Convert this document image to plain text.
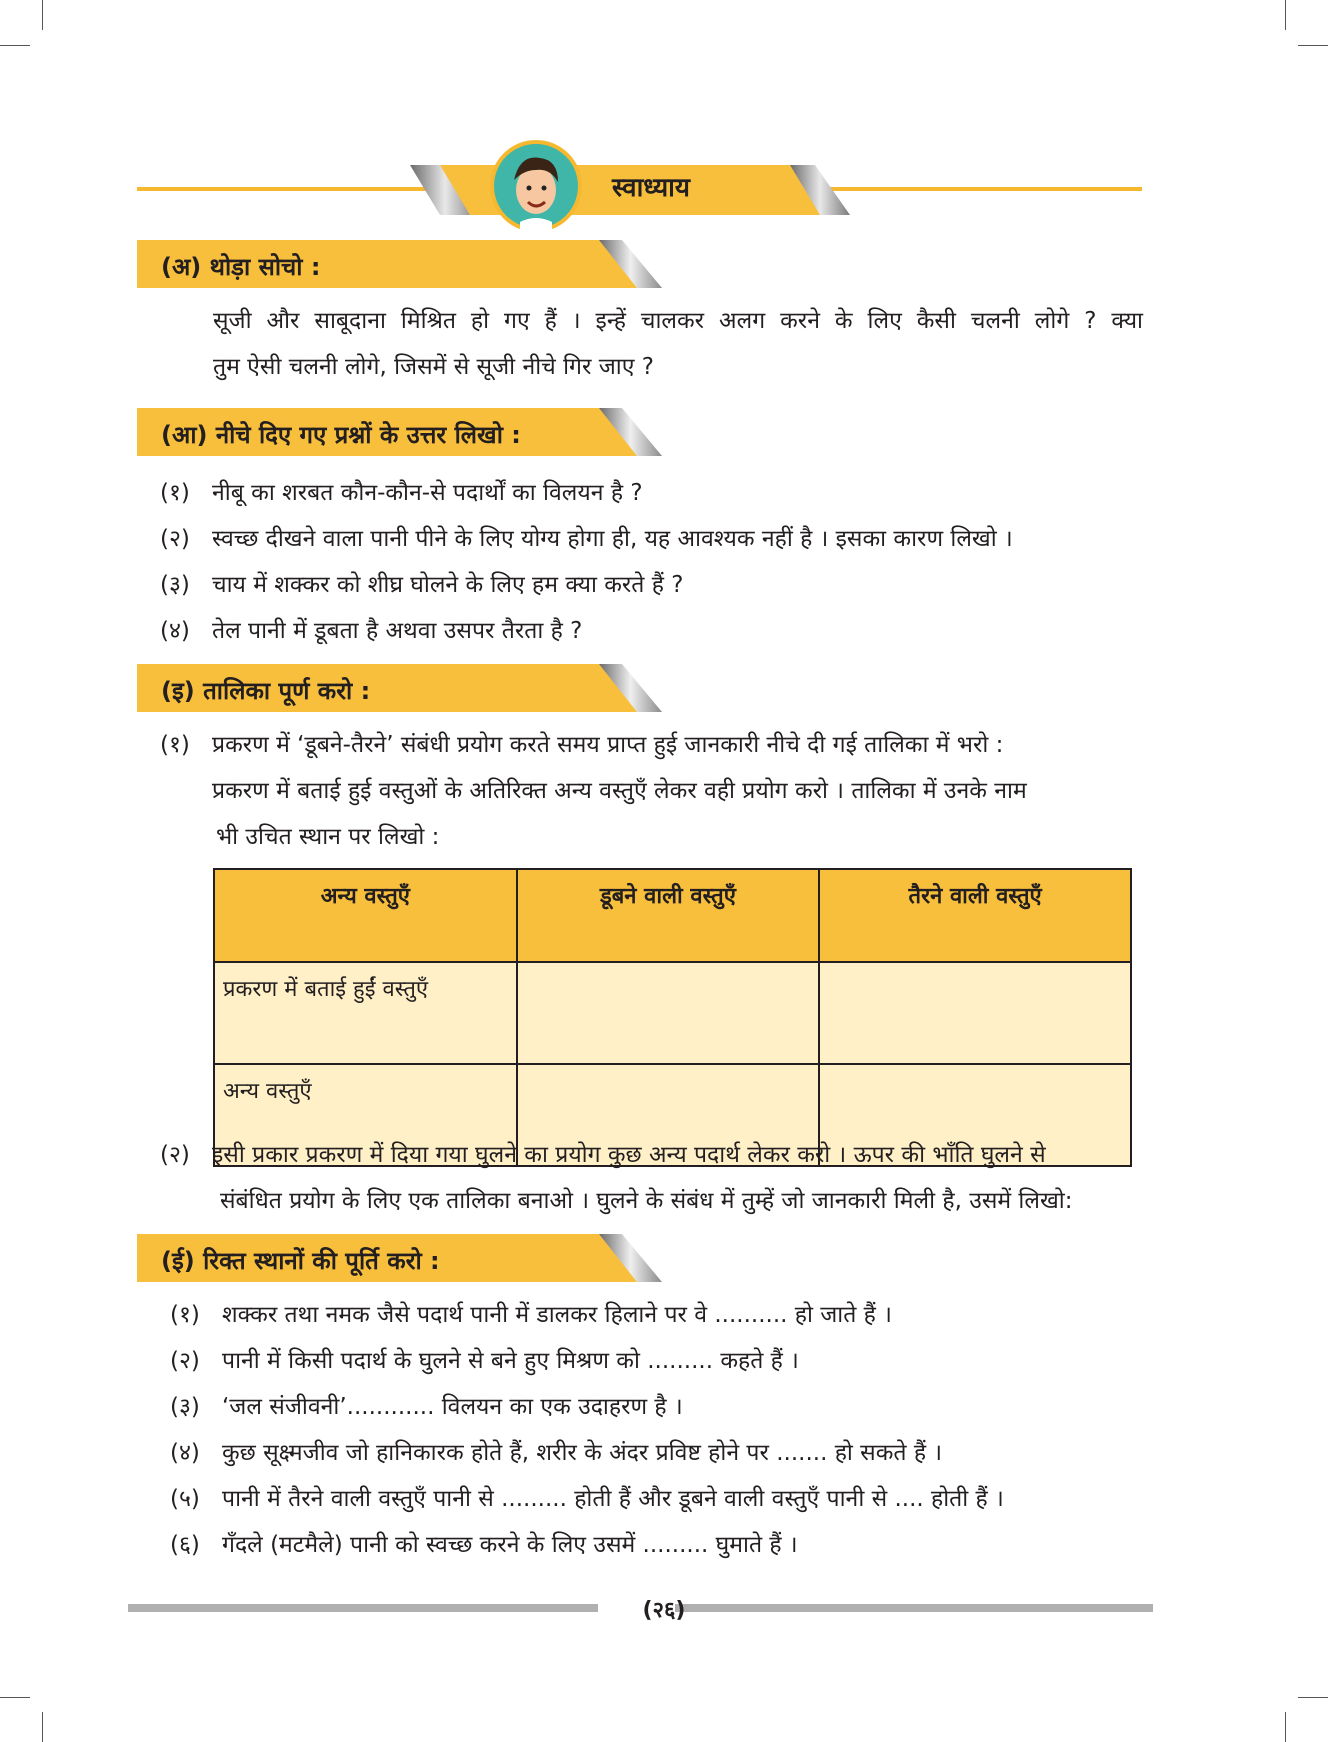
स्वाध्याय
(अ) थोड़ा सोचो :
सूजी और साबूदाना मिश्रित हो गए हैं । इन्हें चालकर अलग करने के लिए कैसी चलनी लोगे ? क्या
तुम ऐसी चलनी लोगे, जिसमें से सूजी नीचे गिर जाए ?
(आ) नीचे दिए गए प्रश्नों के उत्तर लिखो :
(१) नीबू का शरबत कौन-कौन-से पदार्थों का विलयन है ?
(२) स्वच्छ दीखने वाला पानी पीने के लिए योग्य होगा ही, यह आवश्यक नहीं है । इसका कारण लिखो ।
(३) चाय में शक्कर को शीघ्र घोलने के लिए हम क्या करते हैं ?
(४) तेल पानी में डूबता है अथवा उसपर तैरता है ?
(इ) तालिका पूर्ण करो :
(१) प्रकरण में ‘डूबने-तैरने’ संबंधी प्रयोग करते समय प्राप्त हुई जानकारी नीचे दी गई तालिका में भरो :
प्रकरण में बताई हुई वस्तुओं के अतिरिक्त अन्य वस्तुएँ लेकर वही प्रयोग करो । तालिका में उनके नाम
भी उचित स्थान पर लिखो :
अन्य वस्तुएँ	डूबने वाली वस्तुएँ	तैरने वाली वस्तुएँ
प्रकरण में बताई हुईं वस्तुएँ		
अन्य वस्तुएँ		
(२) इसी प्रकार प्रकरण में दिया गया घुलने का प्रयोग कुछ अन्य पदार्थ लेकर करो । ऊपर की भाँति घुलने से
संबंधित प्रयोग के लिए एक तालिका बनाओ । घुलने के संबंध में तुम्हें जो जानकारी मिली है, उसमें लिखो:
(ई) रिक्त स्थानों की पूर्ति करो :
(१) शक्कर तथा नमक जैसे पदार्थ पानी में डालकर हिलाने पर वे .......... हो जाते हैं ।
(२) पानी में किसी पदार्थ के घुलने से बने हुए मिश्रण को ......... कहते हैं ।
(३) ‘जल संजीवनी’............ विलयन का एक उदाहरण है ।
(४) कुछ सूक्ष्मजीव जो हानिकारक होते हैं, शरीर के अंदर प्रविष्ट होने पर ....... हो सकते हैं ।
(५) पानी में तैरने वाली वस्तुएँ पानी से ......... होती हैं और डूबने वाली वस्तुएँ पानी से .... होती हैं ।
(६) गँदले (मटमैले) पानी को स्वच्छ करने के लिए उसमें ......... घुमाते हैं ।
(२६)
